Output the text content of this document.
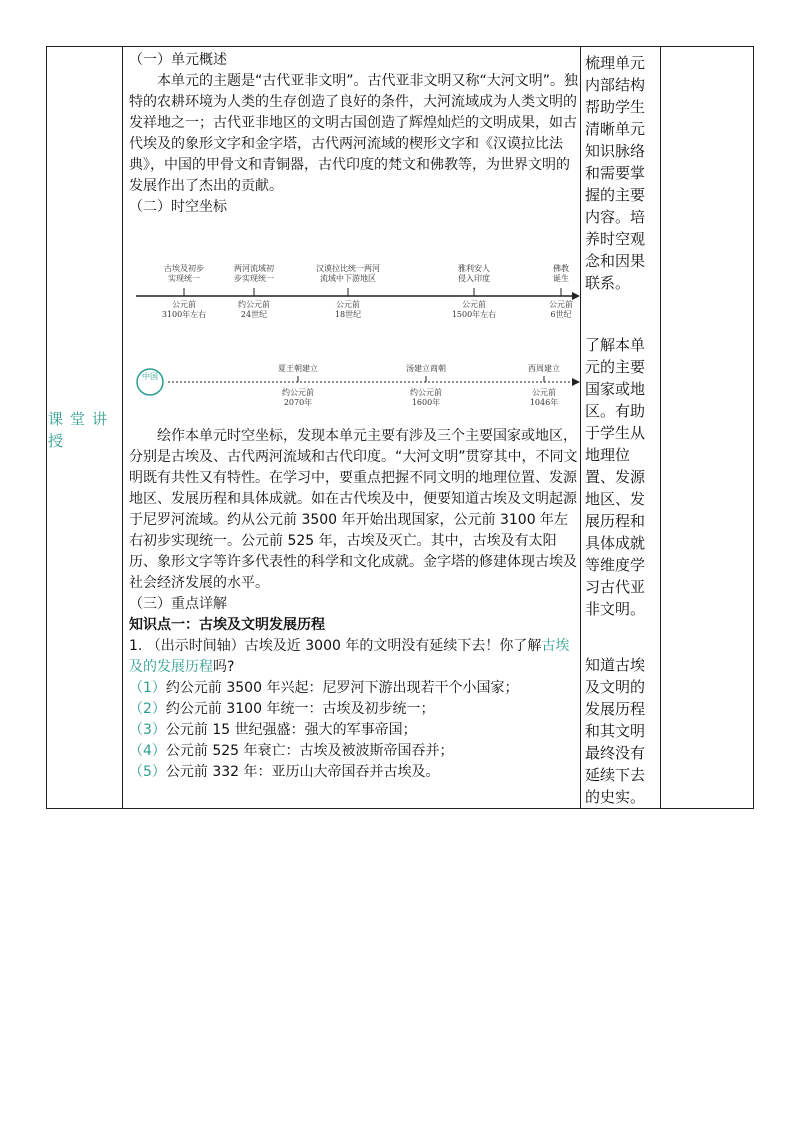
课堂讲授

（一）单元概述

本单元的主题是“古代亚非文明”。古代亚非文明又称“大河文明”。独特的农耕环境为人类的生存创造了良好的条件，大河流域成为人类文明的发祥地之一；古代亚非地区的文明古国创造了辉煌灿烂的文明成果，如古代埃及的象形文字和金字塔，古代两河流域的楔形文字和《汉谟拉比法典》，中国的甲骨文和青铜器，古代印度的梵文和佛教等，为世界文明的发展作出了杰出的贡献。

（二）时空坐标

古埃及初步
实现统一
公元前
3100年左右
两河流域初
步实现统一
约公元前
24世纪
汉谟拉比统一两河
流域中下游地区
公元前
18世纪
雅利安人
侵入印度
公元前
1500年左右
佛教
诞生
公元前
6世纪
中国
夏王朝建立
约公元前
2070年
汤建立商朝
约公元前
1600年
西周建立
公元前
1046年

绘作本单元时空坐标，发现本单元主要有涉及三个主要国家或地区，分别是古埃及、古代两河流域和古代印度。“大河文明”贯穿其中，不同文明既有共性又有特性。在学习中，要重点把握不同文明的地理位置、发源地区、发展历程和具体成就。如在古代埃及中，便要知道古埃及文明起源于尼罗河流域。约从公元前 3500 年开始出现国家，公元前 3100 年左右初步实现统一。公元前 525 年，古埃及灭亡。其中，古埃及有太阳历、象形文字等许多代表性的科学和文化成就。金字塔的修建体现古埃及社会经济发展的水平。

（三）重点详解

知识点一：古埃及文明发展历程

1. （出示时间轴）古埃及近 3000 年的文明没有延续下去！你了解古埃及的发展历程吗?

（1）约公元前 3500 年兴起：尼罗河下游出现若干个小国家；

（2）约公元前 3100 年统一：古埃及初步统一；

（3）公元前 15 世纪强盛：强大的军事帝国；

（4）公元前 525 年衰亡：古埃及被波斯帝国吞并；

（5）公元前 332 年：亚历山大帝国吞并古埃及。

梳理单元内部结构帮助学生清晰单元知识脉络和需要掌握的主要内容。培养时空观念和因果联系。
了解本单元的主要国家或地区。有助于学生从地理位置、发源地区、发展历程和具体成就等维度学习古代亚非文明。
知道古埃及文明的发展历程和其文明最终没有延续下去的史实。
